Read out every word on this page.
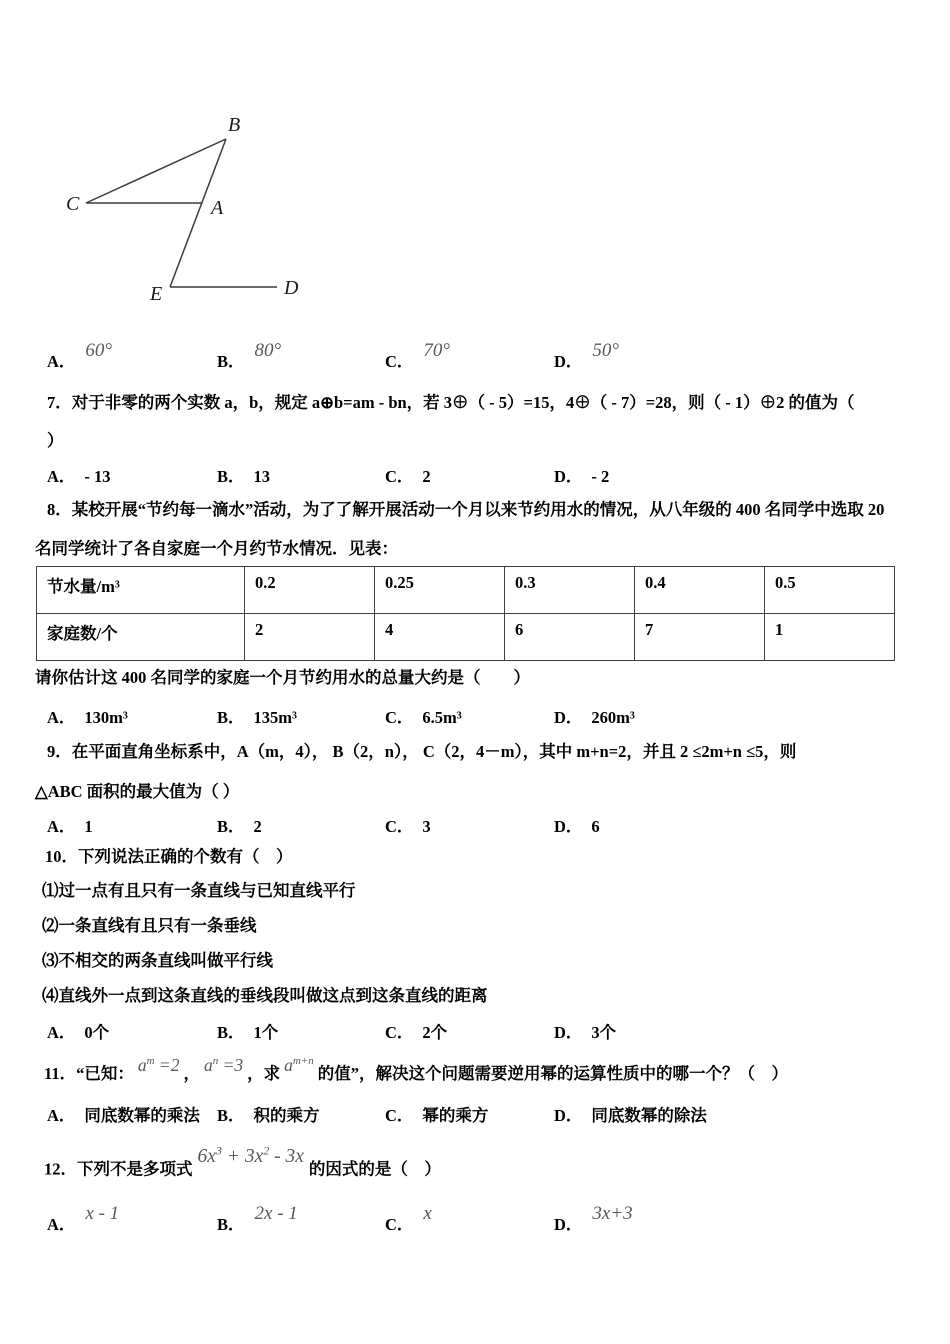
B
C	A
E	D
A．60°
B．80°
C．70°
D．50°
7．对于非零的两个实数 a，b，规定 a⊕b=am - bn，若 3⊕（ - 5）=15，4⊕（ - 7）=28，则（ - 1）⊕2 的值为（
）
A． - 13	B． 13	C． 2	D． - 2
8．某校开展“节约每一滴水”活动，为了了解开展活动一个月以来节约用水的情况，从八年级的 400 名同学中选取 20
名同学统计了各自家庭一个月约节水情况．见表：
节水量/m³	0.2	0.25	0.3	0.4	0.5
家庭数/个	2	4	6	7	1
请你估计这 400 名同学的家庭一个月节约用水的总量大约是（　　）
A． 130m³	B． 135m³	C． 6.5m³	D． 260m³
9．在平面直角坐标系中，A（m，4）， B（2，n）， C（2，4－m），其中 m+n=2，并且 2 ≤2m+n ≤5，则
△ABC 面积的最大值为（ ）
A． 1	B． 2	C． 3	D． 6
10．下列说法正确的个数有（　）
⑴过一点有且只有一条直线与已知直线平行
⑵一条直线有且只有一条垂线
⑶不相交的两条直线叫做平行线
⑷直线外一点到这条直线的垂线段叫做这点到这条直线的距离
A． 0个	B． 1个	C． 2个	D． 3个
11．“已知： $a^m =2$ ， $a^n =3$ ，求 $a^{m+n}$的值”，解决这个问题需要逆用幂的运算性质中的哪一个？（　）
A． 同底数幂的乘法 B． 积的乘方	C． 幂的乘方	D． 同底数幂的除法
12．下列不是多项式$6x^3 + 3x^2 - 3x$的因式的是（　）
A．x - 1
B．2x - 1
C．x
D．3x+3
